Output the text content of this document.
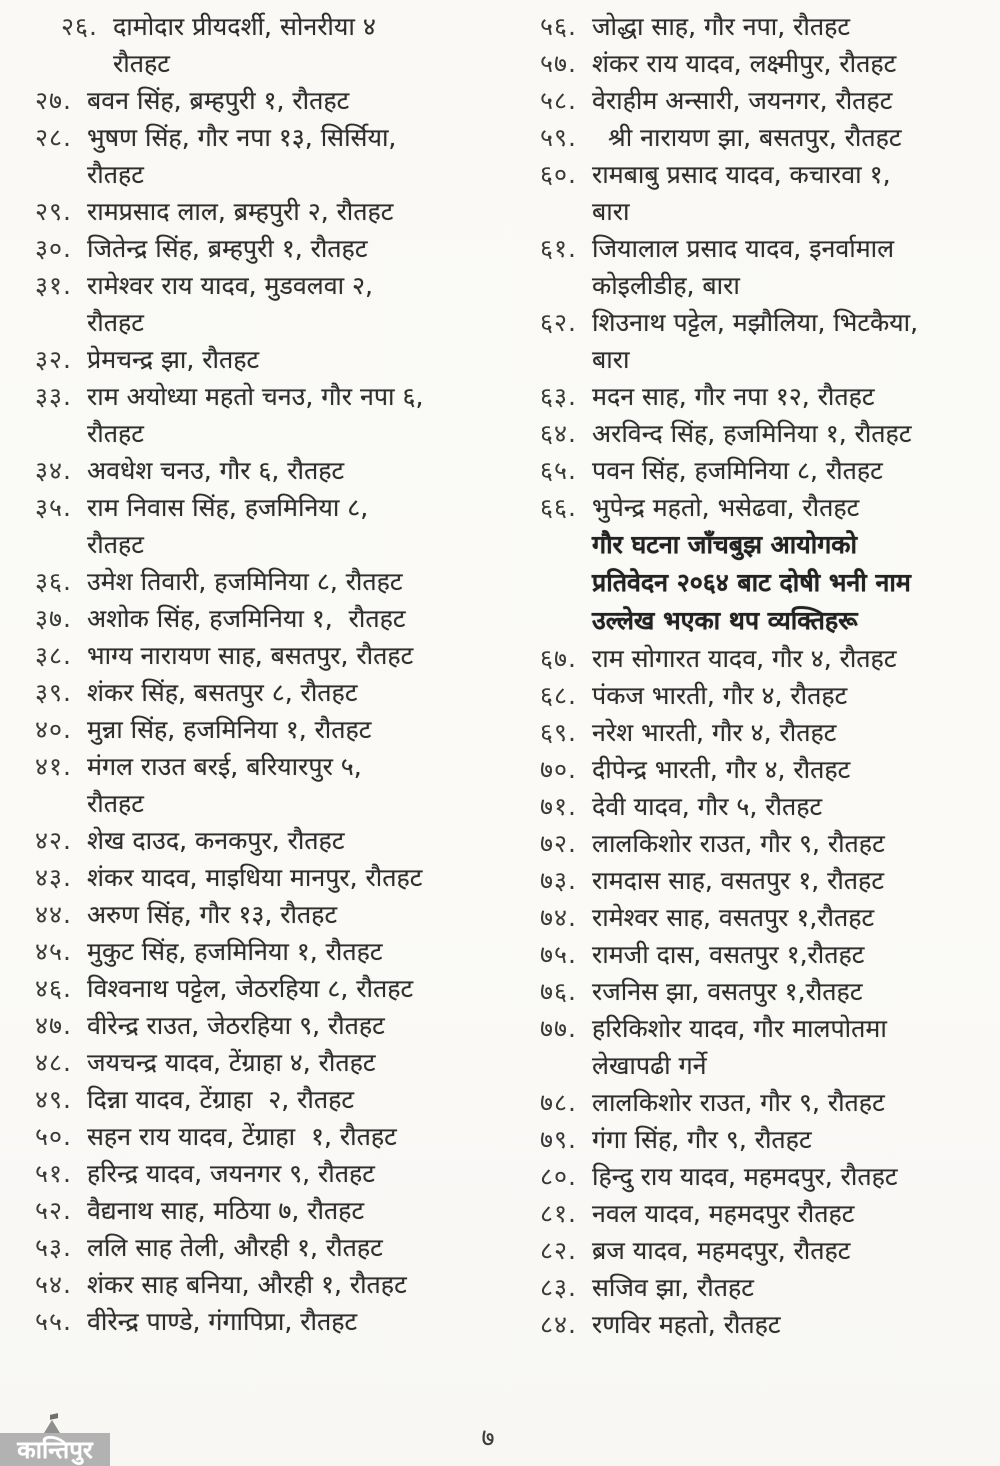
२६. दामोदार प्रीयदर्शी, सोनरीया ४
रौतहट
२७. बवन सिंह, ब्रम्हपुरी १, रौतहट
२८. भुषण सिंह, गौर नपा १३, सिर्सिया,
रौतहट
२९. रामप्रसाद लाल, ब्रम्हपुरी २, रौतहट
३०. जितेन्द्र सिंह, ब्रम्हपुरी १, रौतहट
३१. रामेश्वर राय यादव, मुडवलवा २,
रौतहट
३२. प्रेमचन्द्र झा, रौतहट
३३. राम अयोध्या महतो चनउ, गौर नपा ६,
रौतहट
३४. अवधेश चनउ, गौर ६, रौतहट
३५. राम निवास सिंह, हजमिनिया ८,
रौतहट
३६. उमेश तिवारी, हजमिनिया ८, रौतहट
३७. अशोक सिंह, हजमिनिया १,  रौतहट
३८. भाग्य नारायण साह, बसतपुर, रौतहट
३९. शंकर सिंह, बसतपुर ८, रौतहट
४०. मुन्ना सिंह, हजमिनिया १, रौतहट
४१. मंगल राउत बरई, बरियारपुर ५,
रौतहट
४२. शेख दाउद, कनकपुर, रौतहट
४३. शंकर यादव, माइधिया मानपुर, रौतहट
४४. अरुण सिंह, गौर १३, रौतहट
४५. मुकुट सिंह, हजमिनिया १, रौतहट
४६. विश्वनाथ पट्टेल, जेठरहिया ८, रौतहट
४७. वीरेन्द्र राउत, जेठरहिया ९, रौतहट
४८. जयचन्द्र यादव, टेंग्राहा ४, रौतहट
४९. दिन्ना यादव, टेंग्राहा  २, रौतहट
५०. सहन राय यादव, टेंग्राहा  १, रौतहट
५१. हरिन्द्र यादव, जयनगर ९, रौतहट
५२. वैद्यनाथ साह, मठिया ७, रौतहट
५३. ललि साह तेली, औरही १, रौतहट
५४. शंकर साह बनिया, औरही १, रौतहट
५५. वीरेन्द्र पाण्डे, गंगापिप्रा, रौतहट
५६. जोद्धा साह, गौर नपा, रौतहट
५७. शंकर राय यादव, लक्ष्मीपुर, रौतहट
५८. वेराहीम अन्सारी, जयनगर, रौतहट
५९.	श्री नारायण झा, बसतपुर, रौतहट
६०. रामबाबु प्रसाद यादव, कचारवा १,
बारा
६१. जियालाल प्रसाद यादव, इनर्वामाल
कोइलीडीह, बारा
६२. शिउनाथ पट्टेल, मझौलिया, भिटकैया,
बारा
६३. मदन साह, गौर नपा १२, रौतहट
६४. अरविन्द सिंह, हजमिनिया १, रौतहट
६५. पवन सिंह, हजमिनिया ८, रौतहट
६६. भुपेन्द्र महतो, भसेढवा, रौतहट
गौर घटना जाँचबुझ आयोगको
प्रतिवेदन २०६४ बाट दोषी भनी नाम
उल्लेख भएका थप व्यक्तिहरू
६७. राम सोगारत यादव, गौर ४, रौतहट
६८. पंकज भारती, गौर ४, रौतहट
६९. नरेश भारती, गौर ४, रौतहट
७०. दीपेन्द्र भारती, गौर ४, रौतहट
७१. देवी यादव, गौर ५, रौतहट
७२. लालकिशोर राउत, गौर ९, रौतहट
७३. रामदास साह, वसतपुर १, रौतहट
७४. रामेश्वर साह, वसतपुर १,रौतहट
७५. रामजी दास, वसतपुर १,रौतहट
७६. रजनिस झा, वसतपुर १,रौतहट
७७. हरिकिशोर यादव, गौर मालपोतमा
लेखापढी गर्ने
७८. लालकिशोर राउत, गौर ९, रौतहट
७९. गंगा सिंह, गौर ९, रौतहट
८०. हिन्दु राय यादव, महमदपुर, रौतहट
८१. नवल यादव, महमदपुर रौतहट
८२. ब्रज यादव, महमदपुर, रौतहट
८३. सजिव झा, रौतहट
८४. रणविर महतो, रौतहट
७
कान्तिपुर
